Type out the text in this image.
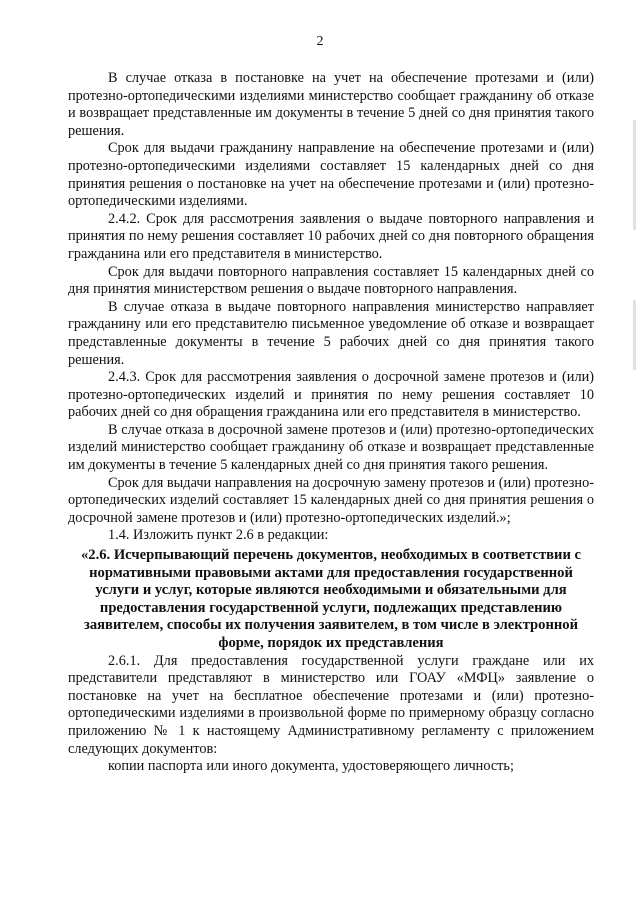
2

В случае отказа в постановке на учет на обеспечение протезами и (или) протезно-ортопедическими изделиями министерство сообщает гражданину об отказе и возвращает представленные им документы в течение 5 дней со дня принятия такого решения.

Срок для выдачи гражданину направление на обеспечение протезами и (или) протезно-ортопедическими изделиями составляет 15 календарных дней со дня принятия решения о постановке на учет на обеспечение протезами и (или) протезно-ортопедическими изделиями.

2.4.2. Срок для рассмотрения заявления о выдаче повторного направления и принятия по нему решения составляет 10 рабочих дней со дня повторного обращения гражданина или его представителя в министерство.

Срок для выдачи повторного направления составляет 15 календарных дней со дня принятия министерством решения о выдаче повторного направления.

В случае отказа в выдаче повторного направления министерство направляет гражданину или его представителю письменное уведомление об отказе и возвращает представленные документы в течение 5 рабочих дней со дня принятия такого решения.

2.4.3. Срок для рассмотрения заявления о досрочной замене протезов и (или) протезно-ортопедических изделий и принятия по нему решения составляет 10 рабочих дней со дня обращения гражданина или его представителя в министерство.

В случае отказа в досрочной замене протезов и (или) протезно-ортопедических изделий министерство сообщает гражданину об отказе и возвращает представленные им документы в течение 5 календарных дней со дня принятия такого решения.

Срок для выдачи направления на досрочную замену протезов и (или) протезно-ортопедических изделий составляет 15 календарных дней со дня принятия решения о досрочной замене протезов и (или) протезно-ортопедических изделий.»;

1.4. Изложить пункт 2.6 в редакции:

«2.6. Исчерпывающий перечень документов, необходимых в соответствии с нормативными правовыми актами для предоставления государственной услуги и услуг, которые являются необходимыми и обязательными для предоставления государственной услуги, подлежащих представлению заявителем, способы их получения заявителем, в том числе в электронной форме, порядок их представления

2.6.1. Для предоставления государственной услуги граждане или их представители представляют в министерство или ГОАУ «МФЦ» заявление о постановке на учет на бесплатное обеспечение протезами и (или) протезно-ортопедическими изделиями в произвольной форме по примерному образцу согласно приложению № 1 к настоящему Административному регламенту с приложением следующих документов:

копии паспорта или иного документа, удостоверяющего личность;
